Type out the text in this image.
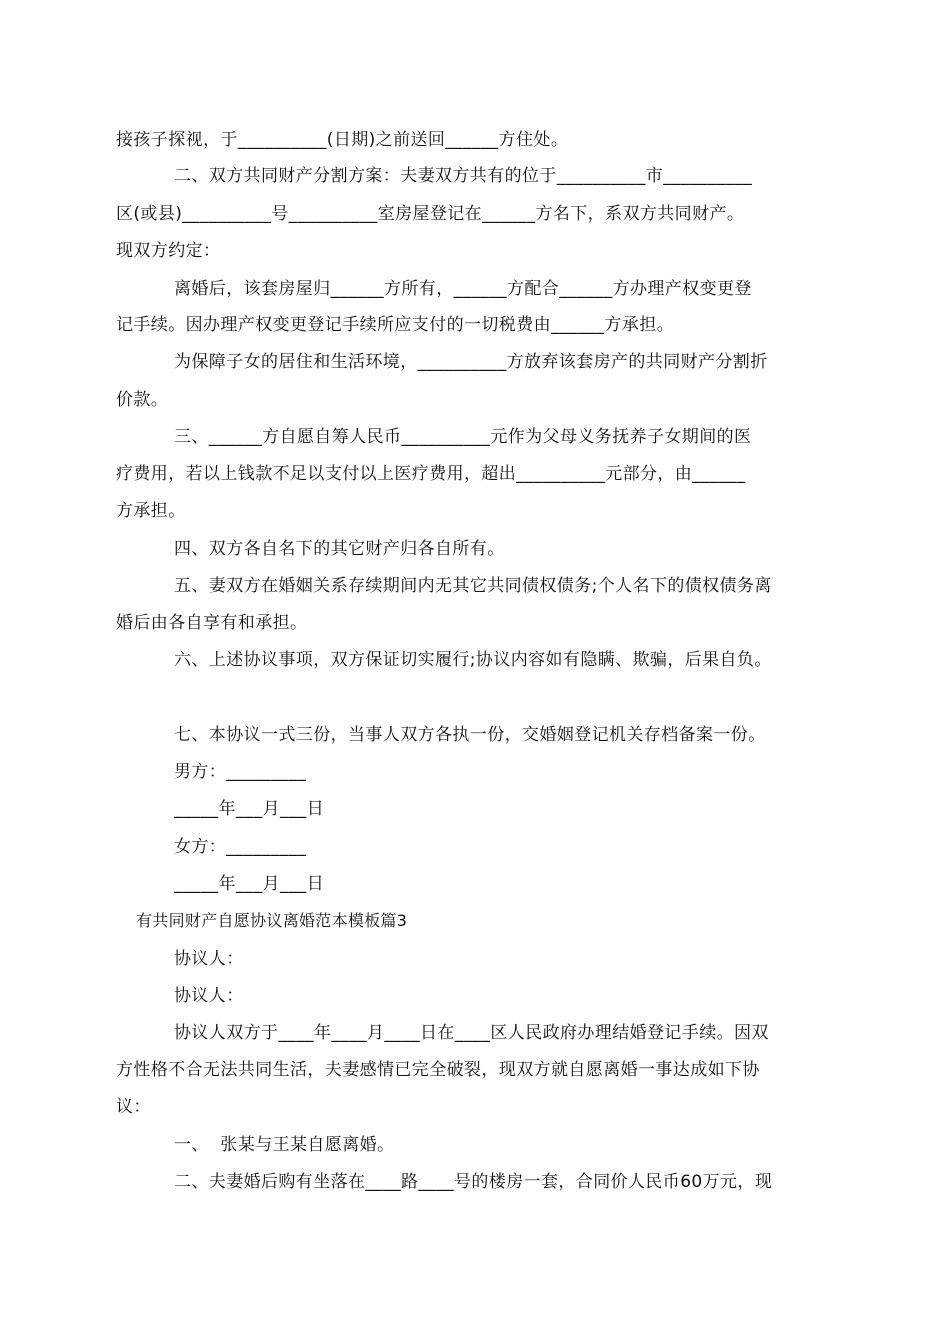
接孩子探视，于__________(日期)之前送回______方住处。
二、双方共同财产分割方案：夫妻双方共有的位于__________市__________
区(或县)__________号__________室房屋登记在______方名下，系双方共同财产。
现双方约定：
离婚后，该套房屋归______方所有，______方配合______方办理产权变更登
记手续。因办理产权变更登记手续所应支付的一切税费由______方承担。
为保障子女的居住和生活环境，__________方放弃该套房产的共同财产分割折
价款。
三、______方自愿自筹人民币__________元作为父母义务抚养子女期间的医
疗费用，若以上钱款不足以支付以上医疗费用，超出__________元部分，由______
方承担。
四、双方各自名下的其它财产归各自所有。
五、妻双方在婚姻关系存续期间内无其它共同债权债务;个人名下的债权债务离
婚后由各自享有和承担。
六、上述协议事项，双方保证切实履行;协议内容如有隐瞒、欺骗，后果自负。
七、本协议一式三份，当事人双方各执一份，交婚姻登记机关存档备案一份。
男方：_________
_____年___月___日
女方：_________
_____年___月___日
有共同财产自愿协议离婚范本模板篇3
协议人：
协议人：
协议人双方于____年____月____日在____区人民政府办理结婚登记手续。因双
方性格不合无法共同生活，夫妻感情已完全破裂，现双方就自愿离婚一事达成如下协
议：
一、  张某与王某自愿离婚。
二、夫妻婚后购有坐落在____路____号的楼房一套，合同价人民币60万元，现
